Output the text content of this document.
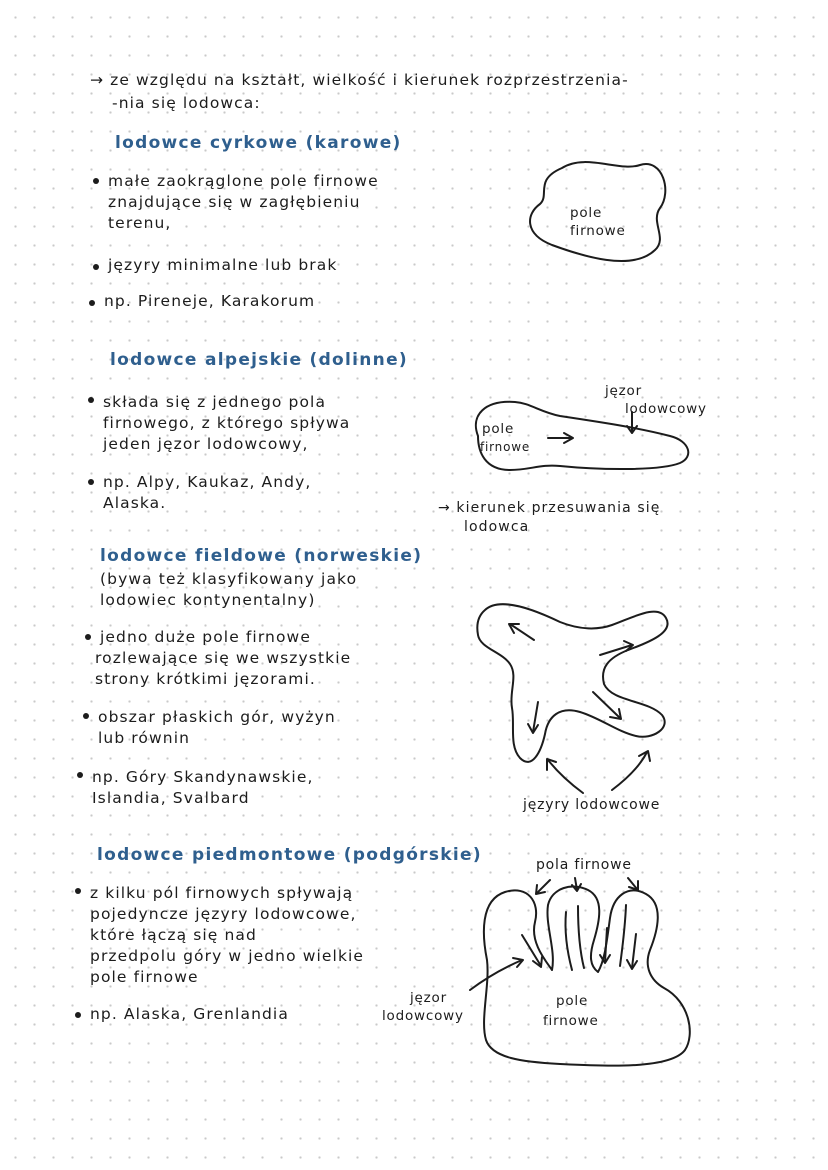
→ ze względu na kształt, wielkość i kierunek rozprzestrzenia-
-nia się lodowca:
lodowce cyrkowe (karowe)
małe zaokrąglone pole firnowe
znajdujące się w zagłębieniu
terenu,
języry minimalne lub brak
np. Pireneje, Karakorum
pole
firnowe
lodowce alpejskie (dolinne)
składa się z jednego pola
firnowego, z którego spływa
jeden jęzor lodowcowy,
np. Alpy, Kaukaz, Andy,
Alaska.
pole
firnowe
jęzor
lodowcowy
→ kierunek przesuwania się
lodowca
lodowce fieldowe (norweskie)
(bywa też klasyfikowany jako
lodowiec kontynentalny)
jedno duże pole firnowe
rozlewające się we wszystkie
strony krótkimi jęzorami.
obszar płaskich gór, wyżyn
lub równin
np. Góry Skandynawskie,
Islandia, Svalbard	języry lodowcowe
lodowce piedmontowe (podgórskie)
z kilku pól firnowych spływają
pojedyncze języry lodowcowe,
które łączą się nad
przedpolu góry w jedno wielkie
pole firnowe
np. Alaska, Grenlandia
pola firnowe
jęzor
lodowcowy
pole
firnowe
